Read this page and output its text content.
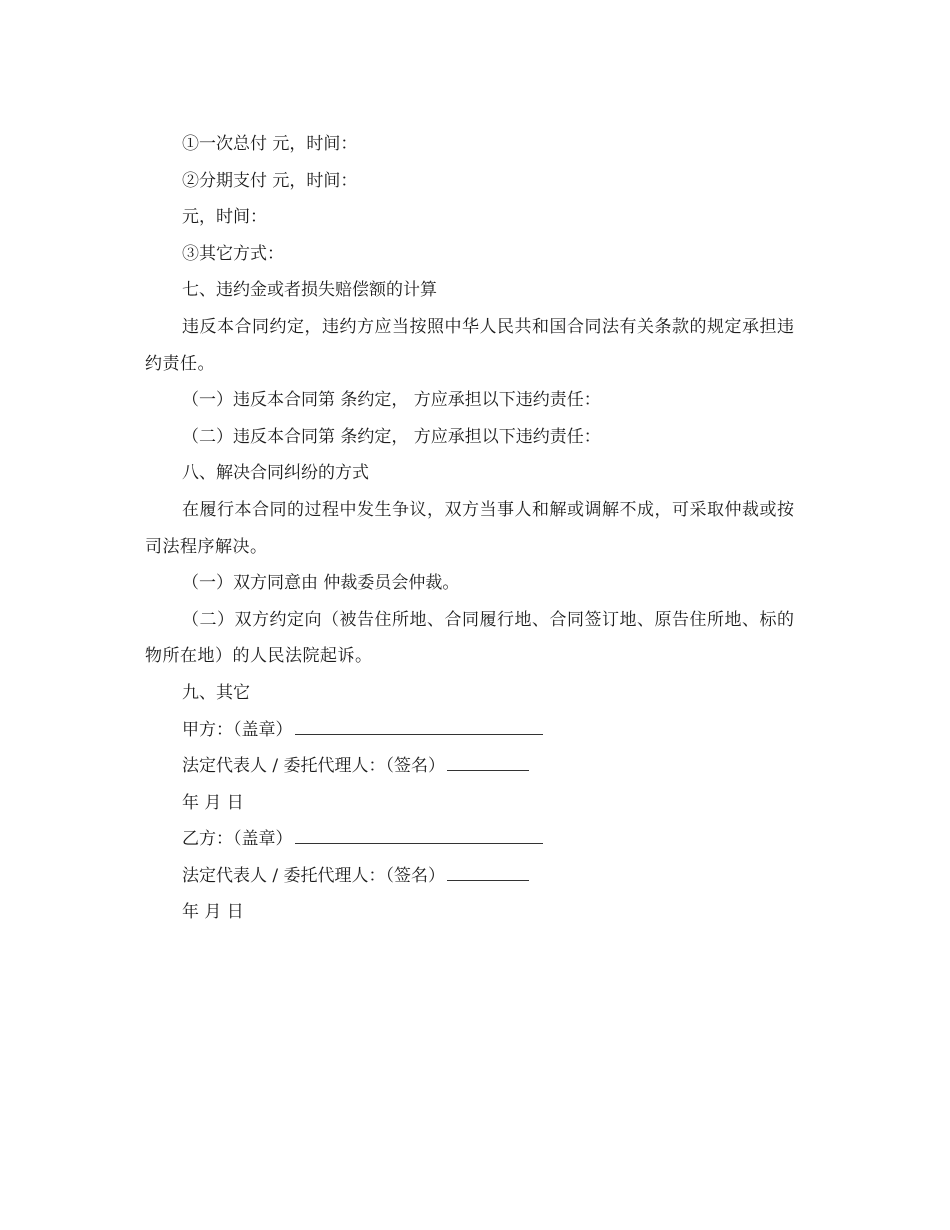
①一次总付 元，时间：

②分期支付 元，时间：

元，时间：

③其它方式：

七、违约金或者损失赔偿额的计算

违反本合同约定，违约方应当按照中华人民共和国合同法有关条款的规定承担违约责任。

（一）违反本合同第 条约定， 方应承担以下违约责任：

（二）违反本合同第 条约定， 方应承担以下违约责任：

八、解决合同纠纷的方式

在履行本合同的过程中发生争议，双方当事人和解或调解不成，可采取仲裁或按司法程序解决。

（一）双方同意由 仲裁委员会仲裁。

（二）双方约定向（被告住所地、合同履行地、合同签订地、原告住所地、标的物所在地）的人民法院起诉。

九、其它

甲方：（盖章）

法定代表人 / 委托代理人：（签名）

年 月 日

乙方：（盖章）

法定代表人 / 委托代理人：（签名）

年 月 日
